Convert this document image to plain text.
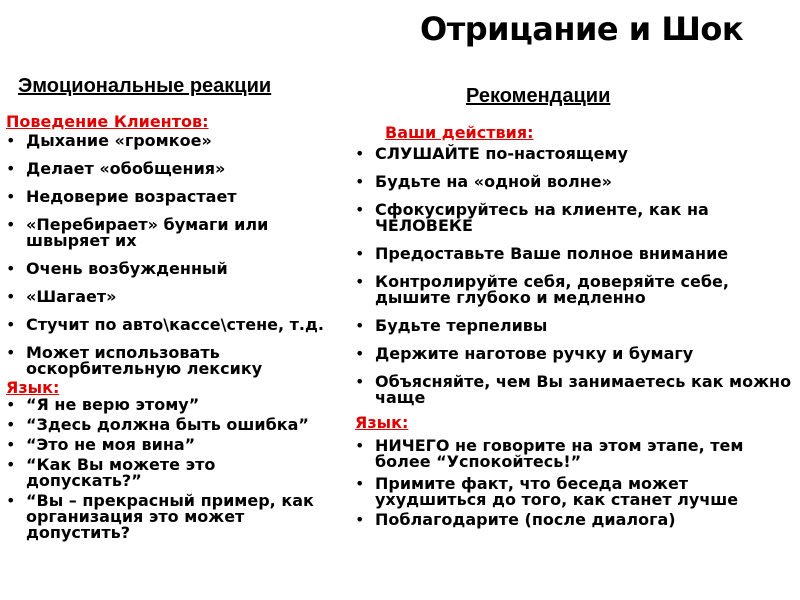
Отрицание и Шок
Эмоциональные реакции	Рекомендации
Поведение Клиентов:
• Дыхание «громкое»
• Делает «обобщения»
• Недоверие возрастает
• «Перебирает» бумаги или швыряет их
• Очень возбужденный
• «Шагает»
• Стучит по авто\кассе\стене, т.д.
• Может использовать оскорбительную лексику
Язык:
• “Я не верю этому”
• “Здесь должна быть ошибка”
• “Это не моя вина”
• “Как Вы можете это допускать?”
• “Вы – прекрасный пример, как организация это может допустить?
Ваши действия:
• СЛУШАЙТЕ по-настоящему
• Будьте на «одной волне»
• Сфокусируйтесь на клиенте, как на ЧЕЛОВЕКЕ
• Предоставьте Ваше полное внимание
• Контролируйте себя, доверяйте себе, дышите глубоко и медленно
• Будьте терпеливы
• Держите наготове ручку и бумагу
• Объясняйте, чем Вы занимаетесь как можно чаще
Язык:
• НИЧЕГО не говорите на этом этапе, тем более “Успокойтесь!”
• Примите факт, что беседа может ухудшиться до того, как станет лучше
• Поблагодарите (после диалога)
